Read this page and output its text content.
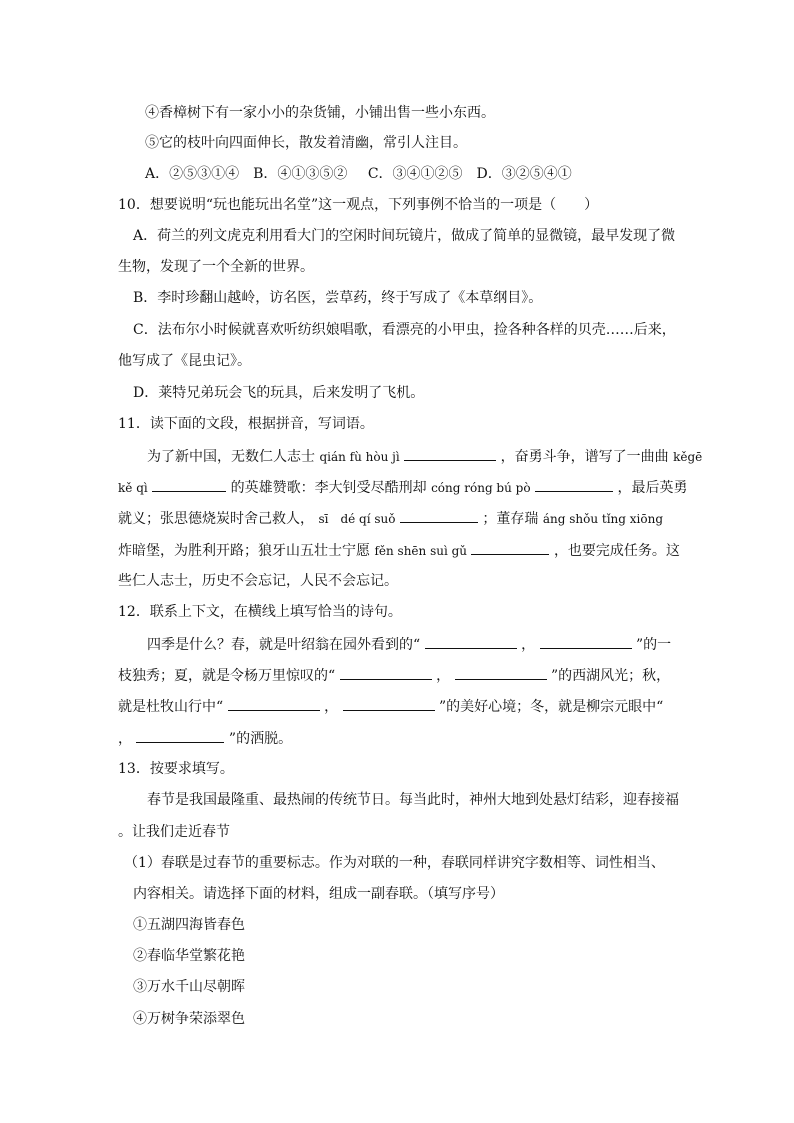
④香樟树下有一家小小的杂货铺，小铺出售一些小东西。
⑤它的枝叶向四面伸长，散发着清幽，常引人注目。
A．②⑤③①④　B．④①③⑤②　 C．③④①②⑤　D．③②⑤④①
10．想要说明“玩也能玩出名堂”这一观点，下列事例不恰当的一项是（　　）
A．荷兰的列文虎克利用看大门的空闲时间玩镜片，做成了简单的显微镜，最早发现了微
生物，发现了一个全新的世界。
B．李时珍翻山越岭，访名医，尝草药，终于写成了《本草纲目》。
C．法布尔小时候就喜欢听纺织娘唱歌，看漂亮的小甲虫，捡各种各样的贝壳……后来，
他写成了《昆虫记》。
D．莱特兄弟玩会飞的玩具，后来发明了飞机。
11．读下面的文段，根据拼音，写词语。
为了新中国，无数仁人志士 qián fù hòu jì	，奋勇斗争，谱写了一曲曲 kěgē
kě qì	的英雄赞歌：李大钊受尽酷刑却 cóng róng bú pò	，最后英勇
就义；张思德烧炭时舍己救人， sī　dé qí suǒ	；董存瑞 áng shǒu tǐng xiōng
炸暗堡，为胜利开路；狼牙山五壮士宁愿 fěn shēn suì gǔ	，也要完成任务。这
些仁人志士，历史不会忘记，人民不会忘记。
12．联系上下文，在横线上填写恰当的诗句。
四季是什么？春，就是叶绍翁在园外看到的“	，	”的一
枝独秀；夏，就是令杨万里惊叹的“	，	”的西湖风光；秋，
就是杜牧山行中“	，	”的美好心境；冬，就是柳宗元眼中“
，	”的洒脱。
13．按要求填写。
春节是我国最隆重、最热闹的传统节日。每当此时，神州大地到处悬灯结彩，迎春接福
。让我们走近春节
（1）春联是过春节的重要标志。作为对联的一种，春联同样讲究字数相等、词性相当、
内容相关。请选择下面的材料，组成一副春联。（填写序号）
①五湖四海皆春色
②春临华堂繁花艳
③万水千山尽朝晖
④万树争荣添翠色
